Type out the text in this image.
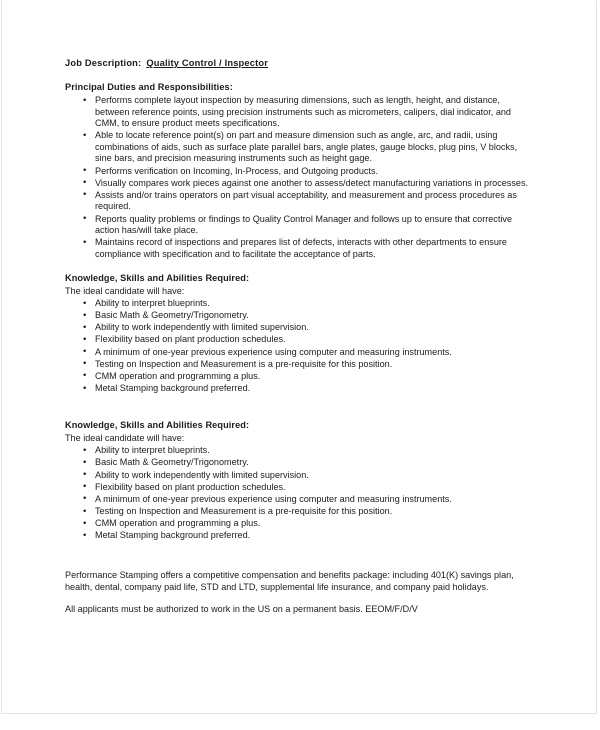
Job Description: Quality Control / Inspector
Principal Duties and Responsibilities:
• Performs complete layout inspection by measuring dimensions, such as length, height, and distance, between reference points, using precision instruments such as micrometers, calipers, dial indicator, and CMM, to ensure product meets specifications.
• Able to locate reference point(s) on part and measure dimension such as angle, arc, and radii, using combinations of aids, such as surface plate parallel bars, angle plates, gauge blocks, plug pins, V blocks, sine bars, and precision measuring instruments such as height gage.
• Performs verification on Incoming, In-Process, and Outgoing products.
• Visually compares work pieces against one another to assess/detect manufacturing variations in processes.
• Assists and/or trains operators on part visual acceptability, and measurement and process procedures as required.
• Reports quality problems or findings to Quality Control Manager and follows up to ensure that corrective action has/will take place.
• Maintains record of inspections and prepares list of defects, interacts with other departments to ensure compliance with specification and to facilitate the acceptance of parts.
Knowledge, Skills and Abilities Required:
The ideal candidate will have:
• Ability to interpret blueprints.
• Basic Math & Geometry/Trigonometry.
• Ability to work independently with limited supervision.
• Flexibility based on plant production schedules.
• A minimum of one-year previous experience using computer and measuring instruments.
• Testing on Inspection and Measurement is a pre-requisite for this position.
• CMM operation and programming a plus.
• Metal Stamping background preferred.
Knowledge, Skills and Abilities Required:
The ideal candidate will have:
• Ability to interpret blueprints.
• Basic Math & Geometry/Trigonometry.
• Ability to work independently with limited supervision.
• Flexibility based on plant production schedules.
• A minimum of one-year previous experience using computer and measuring instruments.
• Testing on Inspection and Measurement is a pre-requisite for this position.
• CMM operation and programming a plus.
• Metal Stamping background preferred.

Performance Stamping offers a competitive compensation and benefits package: including 401(K) savings plan, health, dental, company paid life, STD and LTD, supplemental life insurance, and company paid holidays.

All applicants must be authorized to work in the US on a permanent basis. EEOM/F/D/V
